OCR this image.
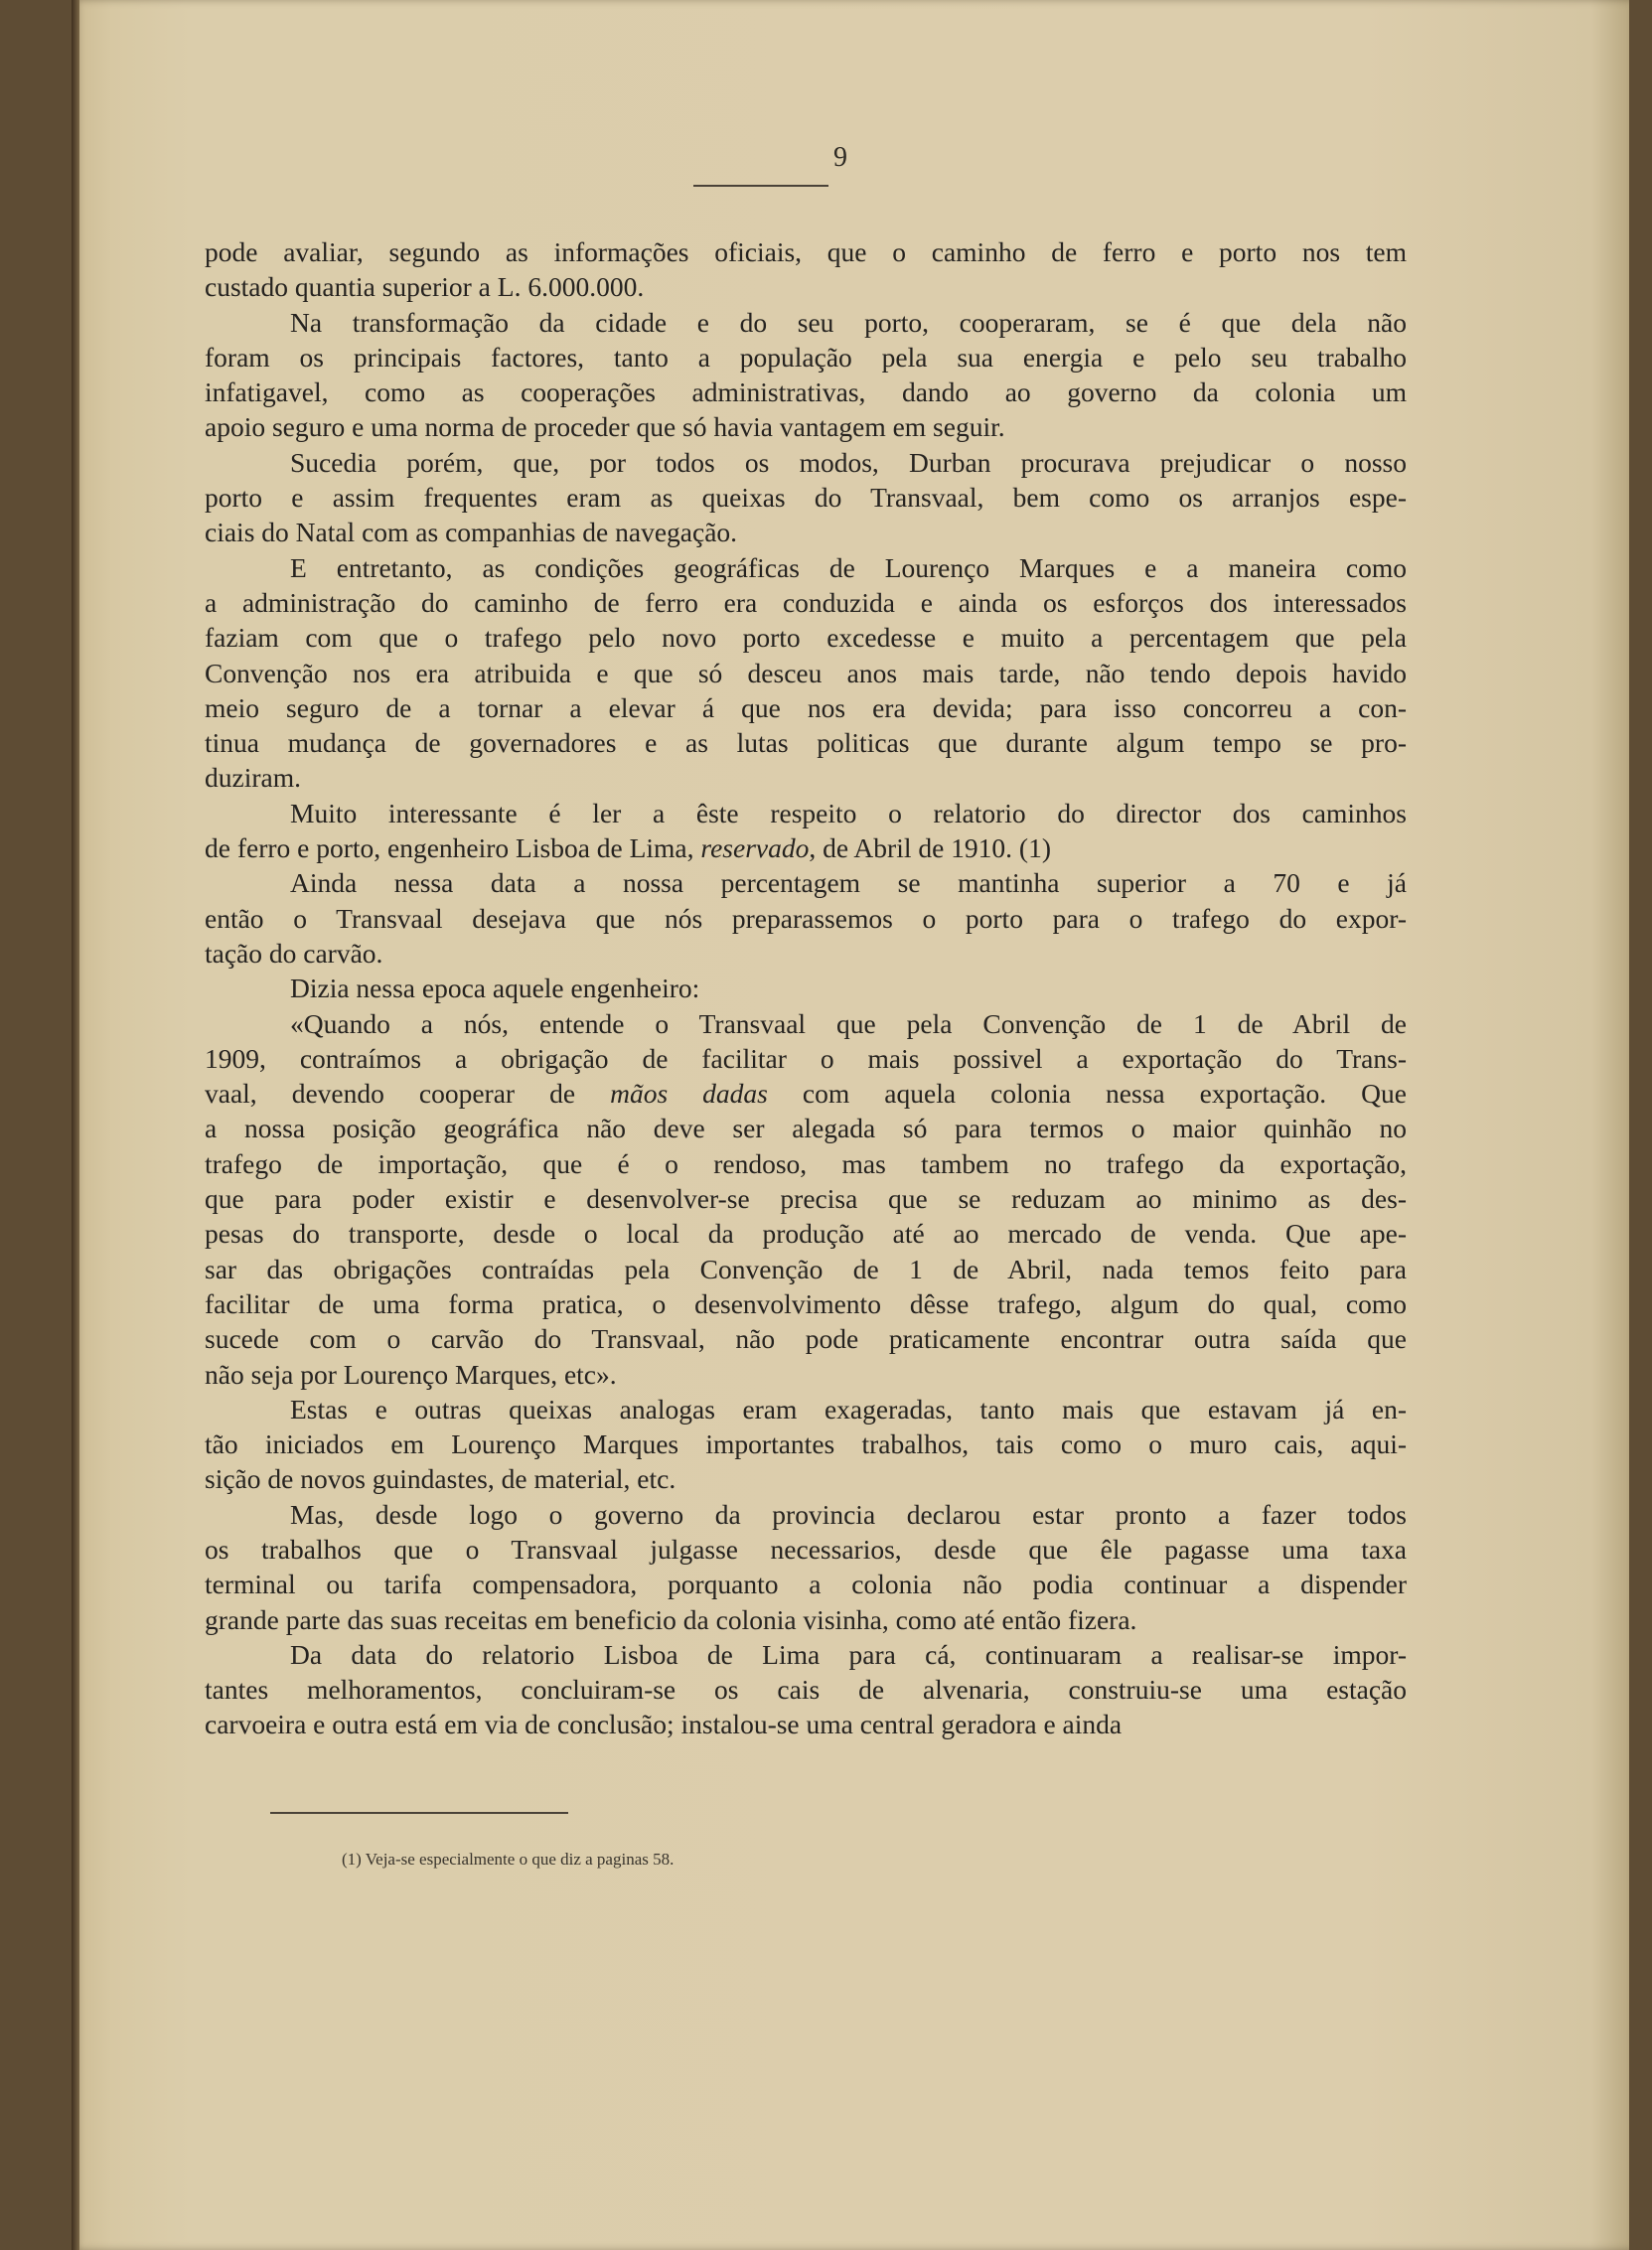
9
pode avaliar, segundo as informações oficiais, que o caminho de ferro e porto nos tem
custado quantia superior a L. 6.000.000.
Na transformação da cidade e do seu porto, cooperaram, se é que dela não
foram os principais factores, tanto a população pela sua energia e pelo seu trabalho
infatigavel, como as cooperações administrativas, dando ao governo da colonia um
apoio seguro e uma norma de proceder que só havia vantagem em seguir.
Sucedia porém, que, por todos os modos, Durban procurava prejudicar o nosso
porto e assim frequentes eram as queixas do Transvaal, bem como os arranjos espe-
ciais do Natal com as companhias de navegação.
E entretanto, as condições geográficas de Lourenço Marques e a maneira como
a administração do caminho de ferro era conduzida e ainda os esforços dos interessados
faziam com que o trafego pelo novo porto excedesse e muito a percentagem que pela
Convenção nos era atribuida e que só desceu anos mais tarde, não tendo depois havido
meio seguro de a tornar a elevar á que nos era devida; para isso concorreu a con-
tinua mudança de governadores e as lutas politicas que durante algum tempo se pro-
duziram.
Muito interessante é ler a êste respeito o relatorio do director dos caminhos
de ferro e porto, engenheiro Lisboa de Lima, reservado, de Abril de 1910. (1)
Ainda nessa data a nossa percentagem se mantinha superior a 70 e já
então o Transvaal desejava que nós preparassemos o porto para o trafego do expor-
tação do carvão.
Dizia nessa epoca aquele engenheiro:
«Quando a nós, entende o Transvaal que pela Convenção de 1 de Abril de
1909, contraímos a obrigação de facilitar o mais possivel a exportação do Trans-
vaal, devendo cooperar de mãos dadas com aquela colonia nessa exportação. Que
a nossa posição geográfica não deve ser alegada só para termos o maior quinhão no
trafego de importação, que é o rendoso, mas tambem no trafego da exportação,
que para poder existir e desenvolver-se precisa que se reduzam ao minimo as des-
pesas do transporte, desde o local da produção até ao mercado de venda. Que ape-
sar das obrigações contraídas pela Convenção de 1 de Abril, nada temos feito para
facilitar de uma forma pratica, o desenvolvimento dêsse trafego, algum do qual, como
sucede com o carvão do Transvaal, não pode praticamente encontrar outra saída que
não seja por Lourenço Marques, etc».
Estas e outras queixas analogas eram exageradas, tanto mais que estavam já en-
tão iniciados em Lourenço Marques importantes trabalhos, tais como o muro cais, aqui-
sição de novos guindastes, de material, etc.
Mas, desde logo o governo da provincia declarou estar pronto a fazer todos
os trabalhos que o Transvaal julgasse necessarios, desde que êle pagasse uma taxa
terminal ou tarifa compensadora, porquanto a colonia não podia continuar a dispender
grande parte das suas receitas em beneficio da colonia visinha, como até então fizera.
Da data do relatorio Lisboa de Lima para cá, continuaram a realisar-se impor-
tantes melhoramentos, concluiram-se os cais de alvenaria, construiu-se uma estação
carvoeira e outra está em via de conclusão; instalou-se uma central geradora e ainda
(1) Veja-se especialmente o que diz a paginas 58.
